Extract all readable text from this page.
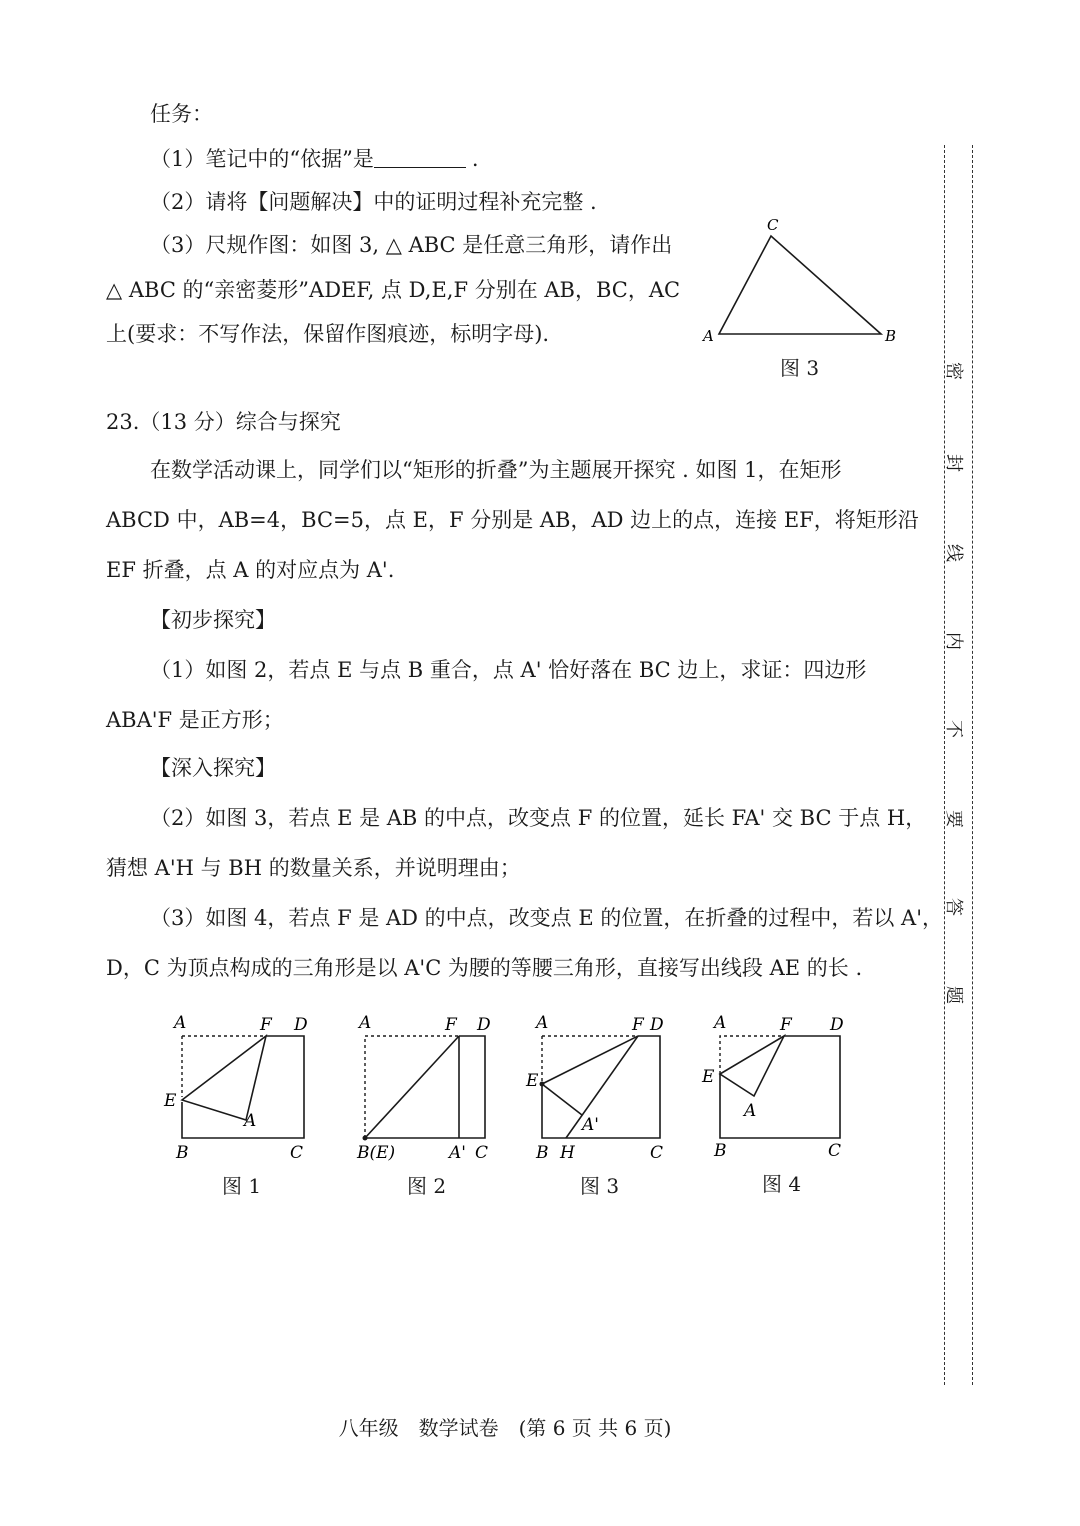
任务：
（1）笔记中的“依据”是	.
（2）请将【问题解决】中的证明过程补充完整 .
（3）尺规作图：如图 3, △ ABC 是任意三角形，请作出
△ ABC 的“亲密菱形”ADEF, 点 D,E,F 分别在 AB，BC，AC
上(要求：不写作法，保留作图痕迹，标明字母).	A	B
C
图 3
23.（13 分）综合与探究
在数学活动课上，同学们以“矩形的折叠”为主题展开探究 . 如图 1，在矩形
ABCD 中，AB=4，BC=5，点 E，F 分别是 AB，AD 边上的点，连接 EF，将矩形沿
EF 折叠，点 A 的对应点为 A'.
【初步探究】
（1）如图 2，若点 E 与点 B 重合，点 A' 恰好落在 BC 边上，求证：四边形
ABA'F 是正方形；
【深入探究】
（2）如图 3，若点 E 是 AB 的中点，改变点 F 的位置，延长 FA' 交 BC 于点 H，
猜想 A'H 与 BH 的数量关系，并说明理由；
（3）如图 4，若点 F 是 AD 的中点，改变点 E 的位置，在折叠的过程中，若以 A'，
D，C 为顶点构成的三角形是以 A'C 为腰的等腰三角形，直接写出线段 AE 的长 .
A	F D
E
A
B	C
图 1
A	F D
B(E)	A' C
图 2
A	F D
E
A'
B H	C
图 3
A	F D
E
A
B	C
图 4
密
封
线
内
不
要
答
题
八年级　数学试卷　(第 6 页 共 6 页)
